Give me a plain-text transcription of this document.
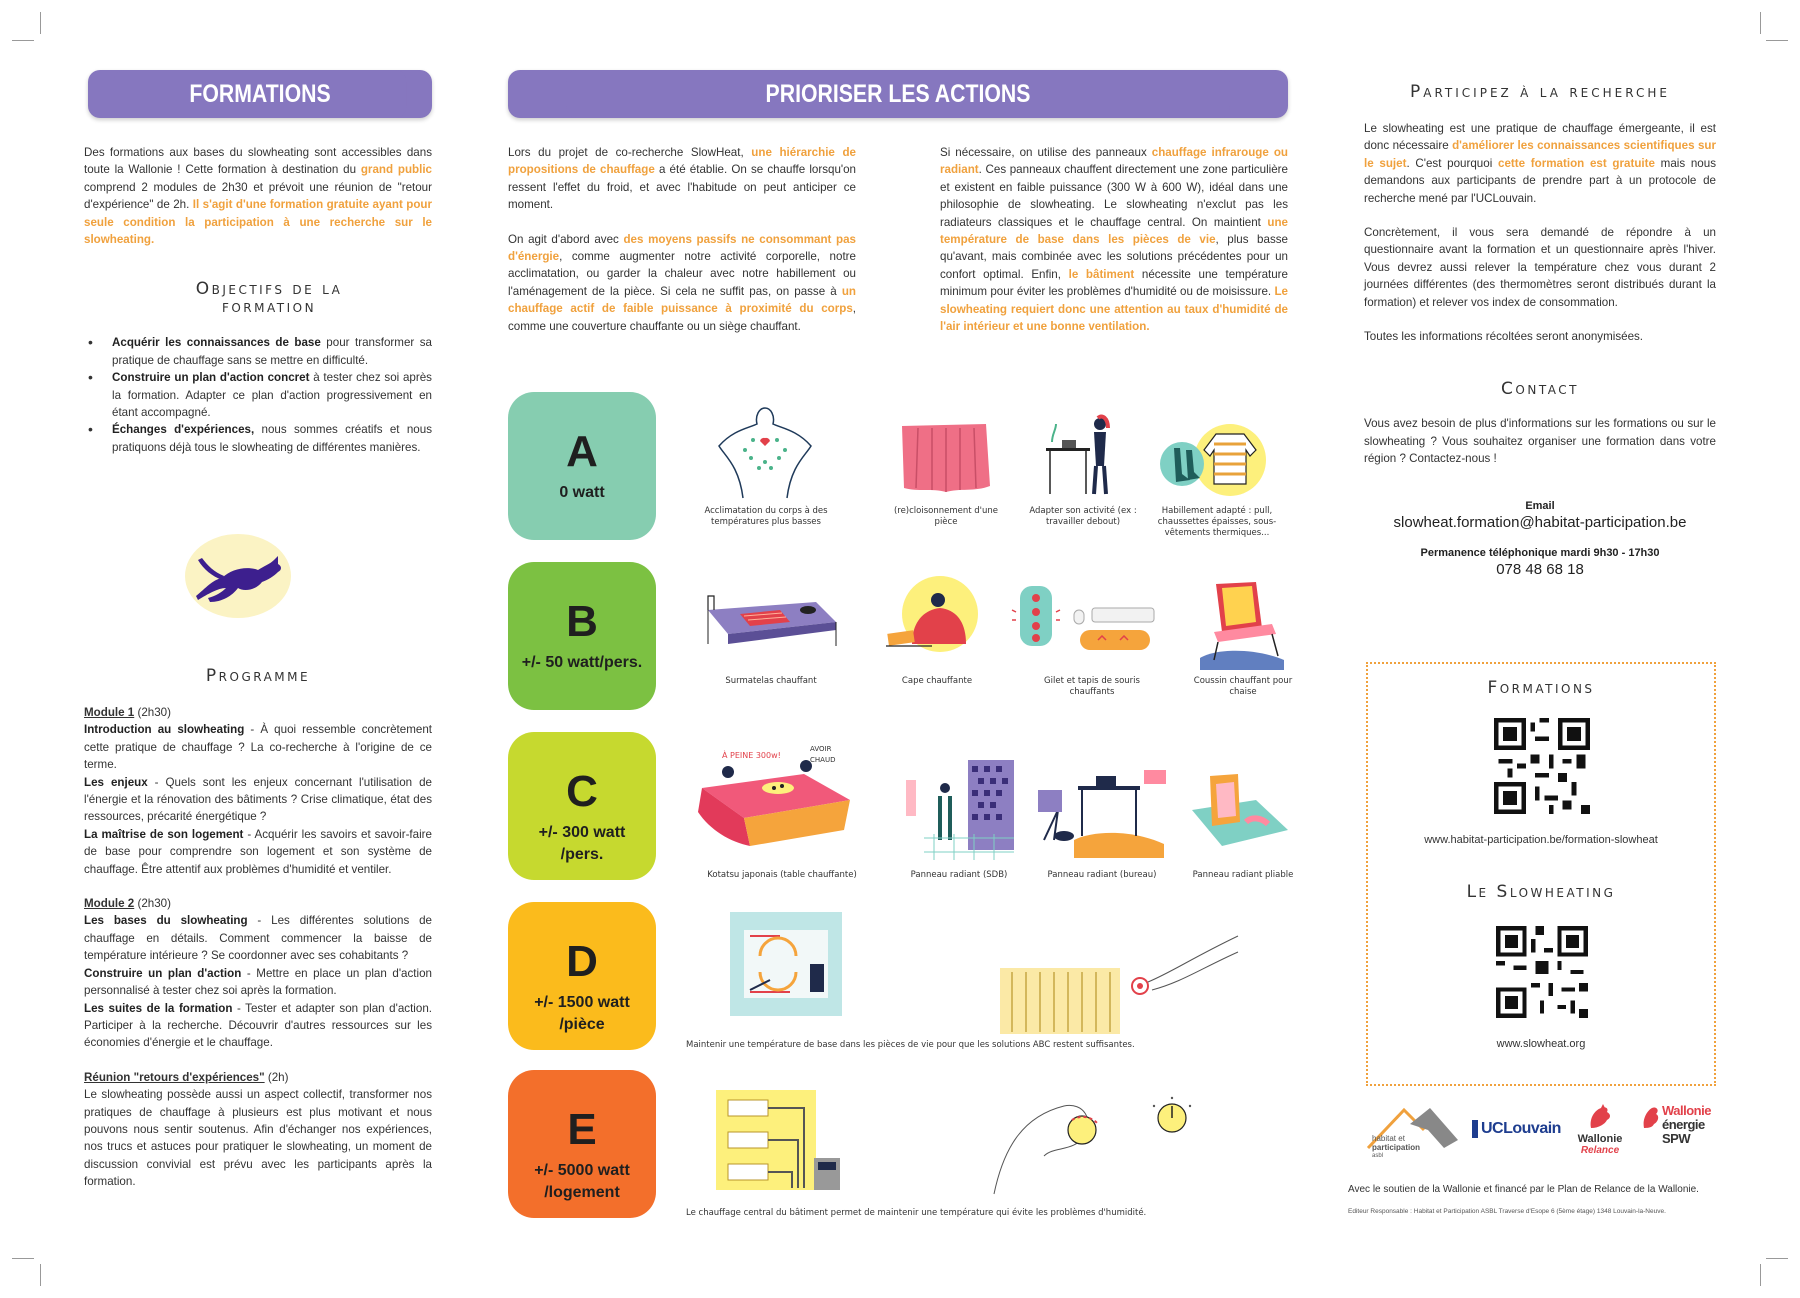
FORMATIONS

Des formations aux bases du slowheating sont accessibles dans toute la Wallonie ! Cette formation à destination du grand public comprend 2 modules de 2h30 et prévoit une réunion de "retour d'expérience" de 2h. Il s'agit d'une formation gratuite ayant pour seule condition la participation à une recherche sur le slowheating.

Objectifs de la formation
• Acquérir les connaissances de base pour transformer sa pratique de chauffage sans se mettre en difficulté.
• Construire un plan d'action concret à tester chez soi après la formation. Adapter ce plan d'action progressivement en étant accompagné.
• Échanges d'expériences, nous sommes créatifs et nous pratiquons déjà tous le slowheating de différentes manières.
Programme

Module 1 (2h30)

Introduction au slowheating - À quoi ressemble concrètement cette pratique de chauffage ? La co-recherche à l'origine de ce terme.

Les enjeux - Quels sont les enjeux concernant l'utilisation de l'énergie et la rénovation des bâtiments ? Crise climatique, état des ressources, précarité énergétique ?

La maîtrise de son logement - Acquérir les savoirs et savoir-faire de base pour comprendre son logement et son système de chauffage. Être attentif aux problèmes d'humidité et ventiler.

Module 2 (2h30)

Les bases du slowheating - Les différentes solutions de chauffage en détails. Comment commencer la baisse de température intérieure ? Se coordonner avec ses cohabitants ?

Construire un plan d'action - Mettre en place un plan d'action personnalisé à tester chez soi après la formation.

Les suites de la formation - Tester et adapter son plan d'action. Participer à la recherche. Découvrir d'autres ressources sur les économies d'énergie et le chauffage.

Réunion "retours d'expériences" (2h)

Le slowheating possède aussi un aspect collectif, transformer nos pratiques de chauffage à plusieurs est plus motivant et nous pouvons nous sentir soutenus. Afin d'échanger nos expériences, nos trucs et astuces pour pratiquer le slowheating, un moment de discussion convivial est prévu avec les participants après la formation.

PRIORISER LES ACTIONS

Lors du projet de co-recherche SlowHeat, une hiérarchie de propositions de chauffage a été établie. On se chauffe lorsqu'on ressent l'effet du froid, et avec l'habitude on peut anticiper ce moment.

On agit d'abord avec des moyens passifs ne consommant pas d'énergie, comme augmenter notre activité corporelle, notre acclimatation, ou garder la chaleur avec notre habillement ou l'aménagement de la pièce. Si cela ne suffit pas, on passe à un chauffage actif de faible puissance à proximité du corps, comme une couverture chauffante ou un siège chauffant.

Si nécessaire, on utilise des panneaux chauffage infrarouge ou radiant. Ces panneaux chauffent directement une zone particulière et existent en faible puissance (300 W à 600 W), idéal dans une philosophie de slowheating. Le slowheating n'exclut pas les radiateurs classiques et le chauffage central. On maintient une température de base dans les pièces de vie, plus basse qu'avant, mais combinée avec les solutions précédentes pour un confort optimal. Enfin, le bâtiment nécessite une température minimum pour éviter les problèmes d'humidité ou de moisissure. Le slowheating requiert donc une attention au taux d'humidité de l'air intérieur et une bonne ventilation.

A
0 watt
B
+/- 50 watt/pers.
C
+/- 300 watt /pers.
D
+/- 1500 watt /pièce
E
+/- 5000 watt /logement
Acclimatation du corps à des températures plus basses
(re)cloisonnement d'une pièce
Adapter son activité (ex : travailler debout)
Habillement adapté : pull, chaussettes épaisses, sous-vêtements thermiques...
Surmatelas chauffant	Cape chauffante	Gilet et tapis de souris chauffants
Coussin chauffant pour chaise
À PEINE 300w!
AVOIR CHAUD
Kotatsu japonais (table chauffante)	Panneau radiant (SDB)	Panneau radiant (bureau)	Panneau radiant pliable
Maintenir une température de base dans les pièces de vie pour que les solutions ABC restent suffisantes.
Le chauffage central du bâtiment permet de maintenir une température qui évite les problèmes d'humidité.
Participez à la recherche

Le slowheating est une pratique de chauffage émergeante, il est donc nécessaire d'améliorer les connaissances scientifiques sur le sujet. C'est pourquoi cette formation est gratuite mais nous demandons aux participants de prendre part à un protocole de recherche mené par l'UCLouvain.

Concrètement, il vous sera demandé de répondre à un questionnaire avant la formation et un questionnaire après l'hiver. Vous devrez aussi relever la température chez vous durant 2 journées différentes (des thermomètres seront distribués durant la formation) et relever vos index de consommation.

Toutes les informations récoltées seront anonymisées.

Contact

Vous avez besoin de plus d'informations sur les formations ou sur le slowheating ? Vous souhaitez organiser une formation dans votre région ? Contactez-nous !

Email
slowheat.formation@habitat-participation.be
Permanence téléphonique mardi 9h30 - 17h30
078 48 68 18
Formations
www.habitat-participation.be/formation-slowheat
Le Slowheating
www.slowheat.org
habitat et
participation
asbl
UCLouvain
Wallonie
Relance
Wallonie
énergie
SPW
Avec le soutien de la Wallonie et financé par le Plan de Relance de la Wallonie.
Editeur Responsable : Habitat et Participation ASBL Traverse d'Esope 6 (5ème étage) 1348 Louvain-la-Neuve.
